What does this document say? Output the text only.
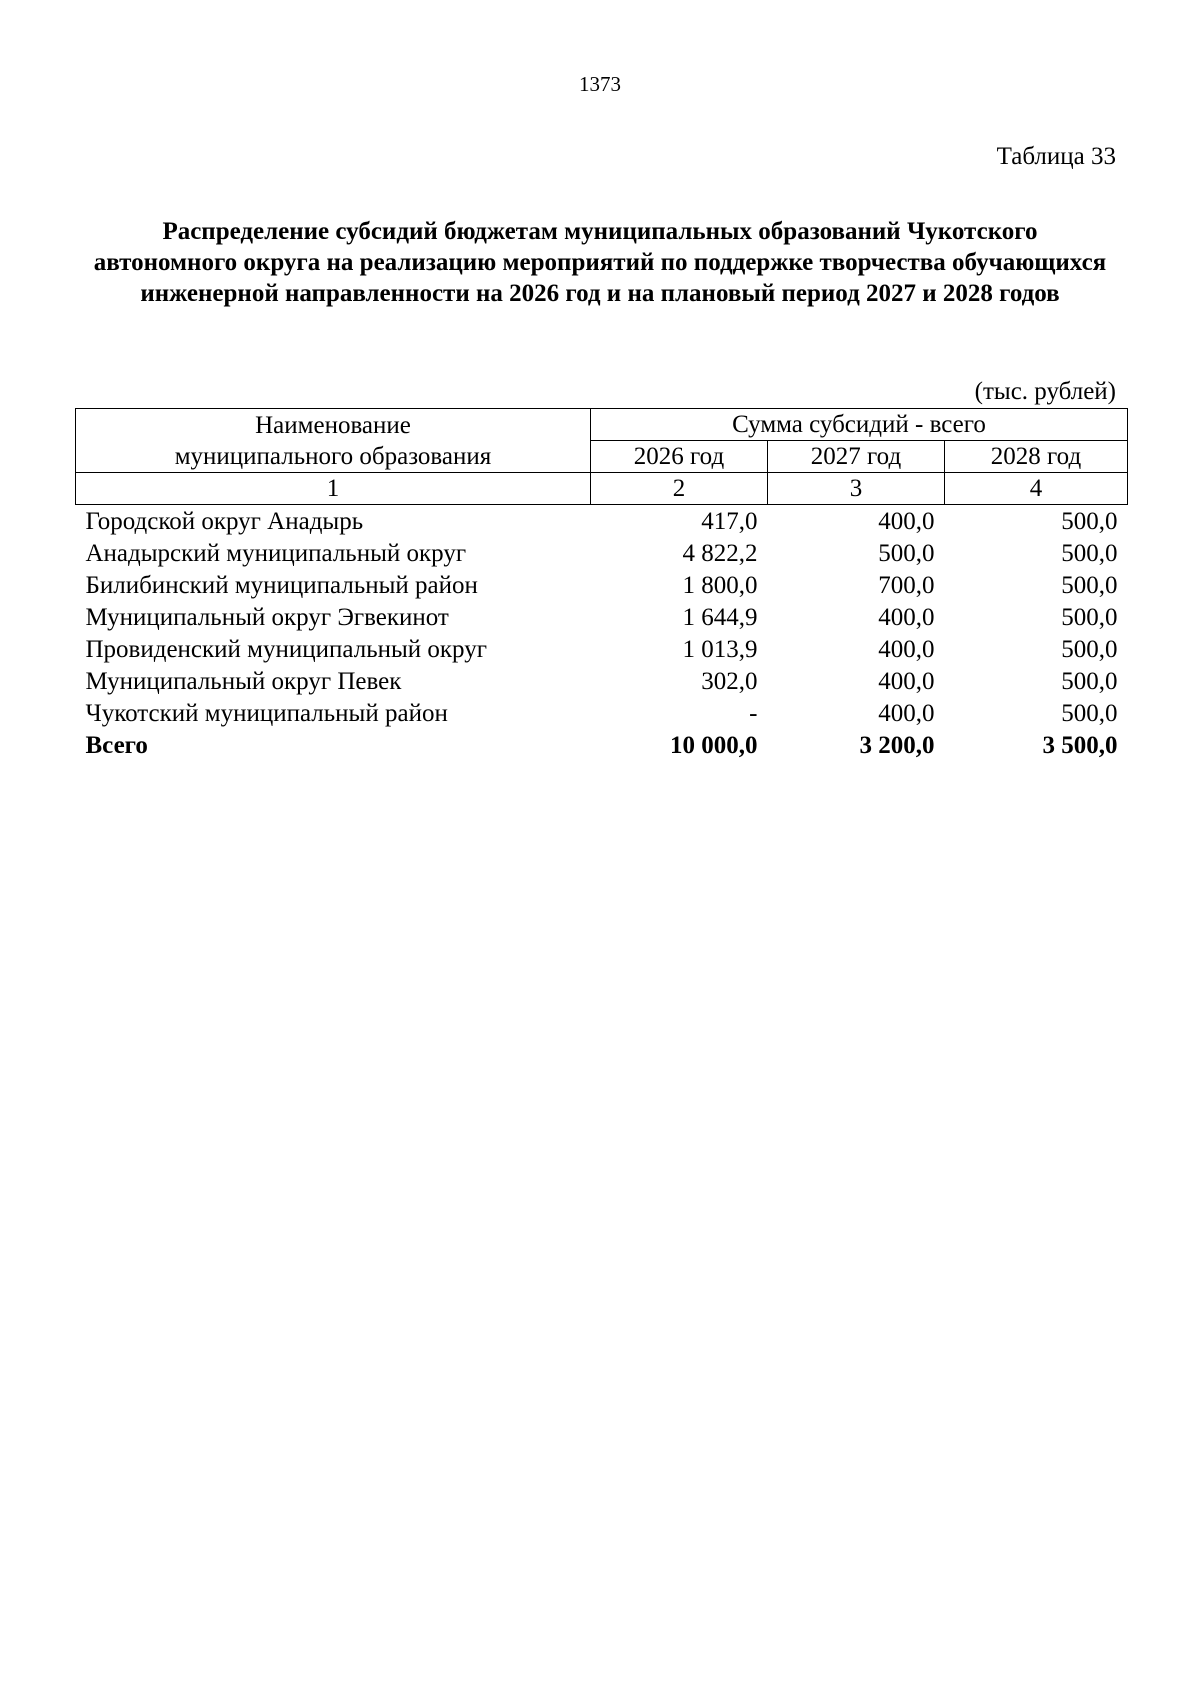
1373
Таблица 33
Распределение субсидий бюджетам муниципальных образований Чукотского автономного округа на реализацию мероприятий по поддержке творчества обучающихся инженерной направленности на 2026 год и на плановый период 2027 и 2028 годов
(тыс. рублей)
Наименование
муниципального образования	Сумма субсидий - всего		
	2026 год	2027 год	2028 год
1	2	3	4
Городской округ Анадырь	417,0	400,0	500,0
Анадырский муниципальный округ	4 822,2	500,0	500,0
Билибинский муниципальный район	1 800,0	700,0	500,0
Муниципальный округ Эгвекинот	1 644,9	400,0	500,0
Провиденский муниципальный округ	1 013,9	400,0	500,0
Муниципальный округ Певек	302,0	400,0	500,0
Чукотский муниципальный район	-	400,0	500,0
Всего	10 000,0	3 200,0	3 500,0
